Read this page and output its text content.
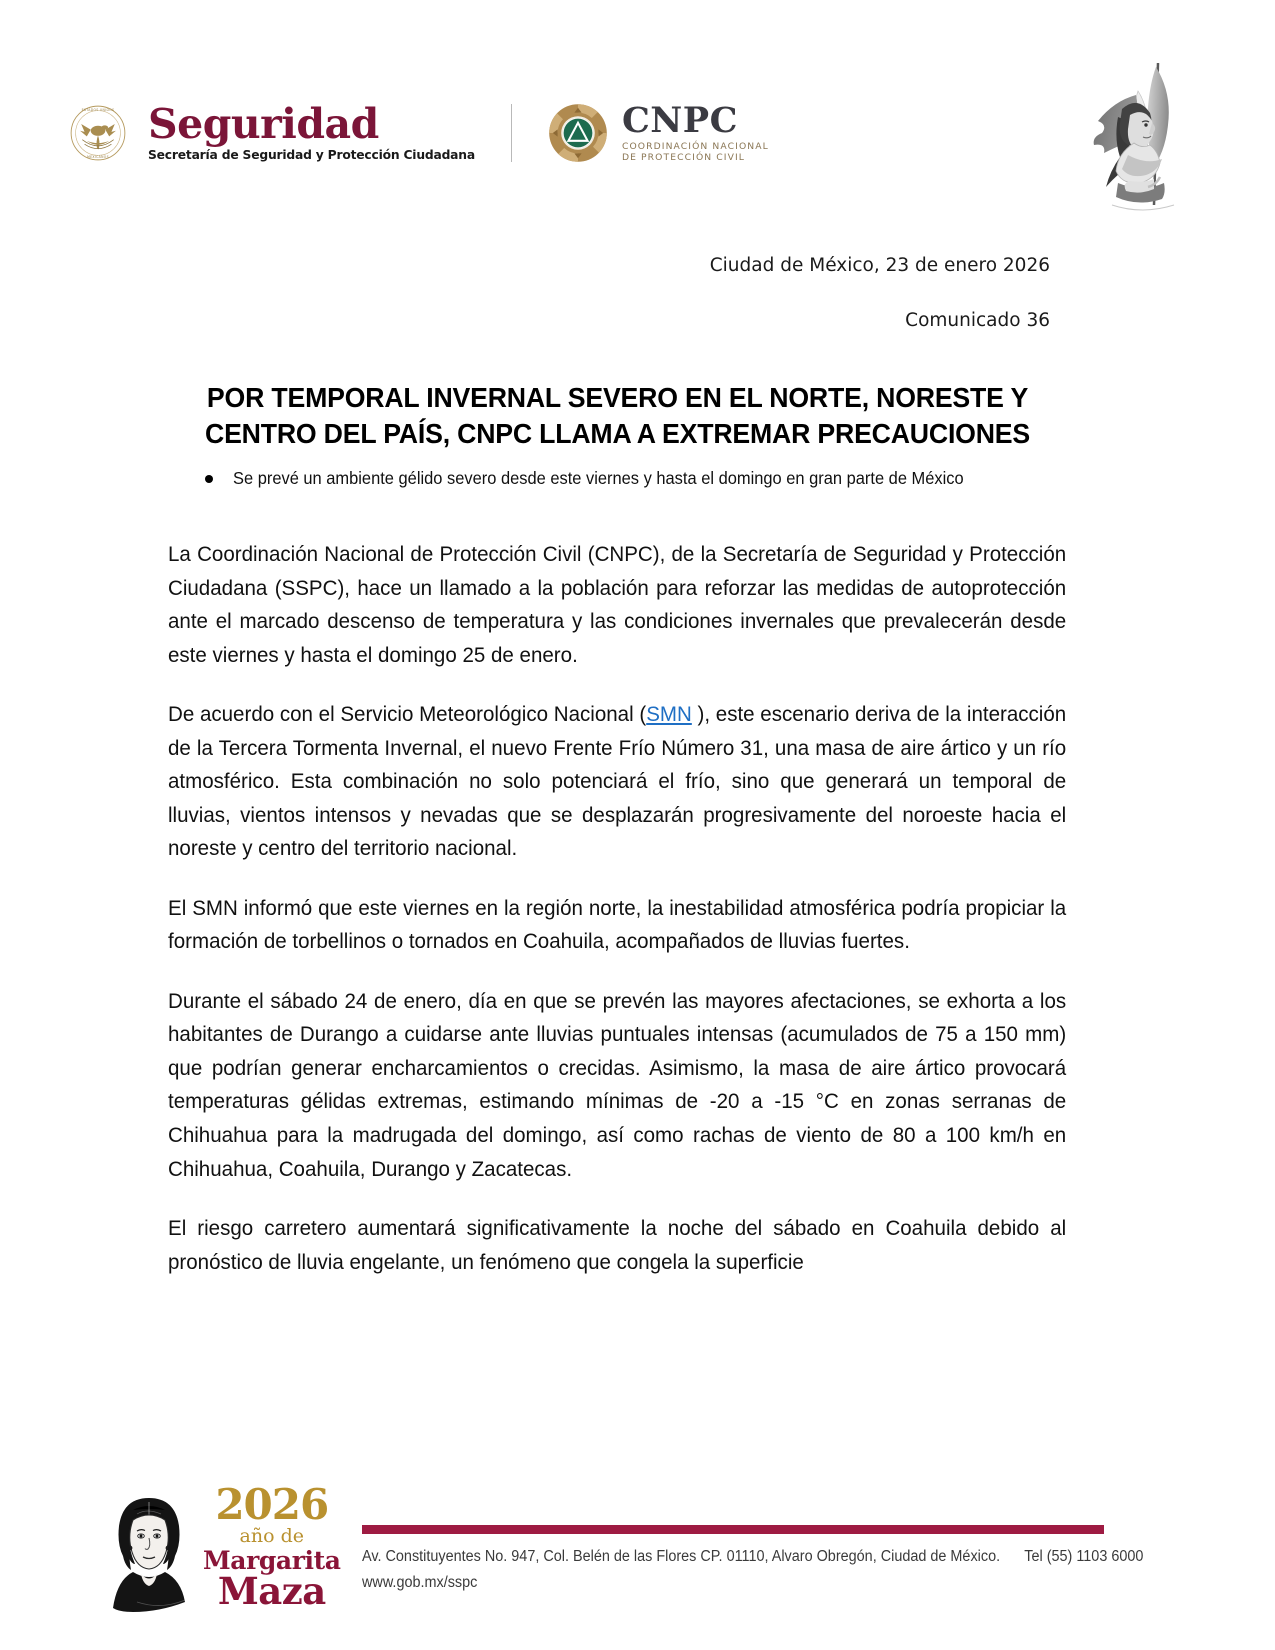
ESTADOS UNIDOS
MEXICANOS
Seguridad
Secretaría de Seguridad y Protección Ciudadana
CNPC
COORDINACIÓN NACIONAL
DE PROTECCIÓN CIVIL
Ciudad de México, 23 de enero 2026
Comunicado 36
POR TEMPORAL INVERNAL SEVERO EN EL NORTE, NORESTE Y CENTRO DEL PAÍS, CNPC LLAMA A EXTREMAR PRECAUCIONES
Se prevé un ambiente gélido severo desde este viernes y hasta el domingo en gran parte de México

La Coordinación Nacional de Protección Civil (CNPC), de la Secretaría de Seguridad y Protección Ciudadana (SSPC), hace un llamado a la población para reforzar las medidas de autoprotección ante el marcado descenso de temperatura y las condiciones invernales que prevalecerán desde este viernes y hasta el domingo 25 de enero.

De acuerdo con el Servicio Meteorológico Nacional (SMN ), este escenario deriva de la interacción de la Tercera Tormenta Invernal, el nuevo Frente Frío Número 31, una masa de aire ártico y un río atmosférico. Esta combinación no solo potenciará el frío, sino que generará un temporal de lluvias, vientos intensos y nevadas que se desplazarán progresivamente del noroeste hacia el noreste y centro del territorio nacional.

El SMN informó que este viernes en la región norte, la inestabilidad atmosférica podría propiciar la formación de torbellinos o tornados en Coahuila, acompañados de lluvias fuertes.

Durante el sábado 24 de enero, día en que se prevén las mayores afectaciones, se exhorta a los habitantes de Durango a cuidarse ante lluvias puntuales intensas (acumulados de 75 a 150 mm) que podrían generar encharcamientos o crecidas. Asimismo, la masa de aire ártico provocará temperaturas gélidas extremas, estimando mínimas de -20 a -15 °C en zonas serranas de Chihuahua para la madrugada del domingo, así como rachas de viento de 80 a 100 km/h en Chihuahua, Coahuila, Durango y Zacatecas.

El riesgo carretero aumentará significativamente la noche del sábado en Coahuila debido al pronóstico de lluvia engelante, un fenómeno que congela la superficie

2026
año de
Margarita
Maza
Av. Constituyentes No. 947, Col. Belén de las Flores CP. 01110, Alvaro Obregón, Ciudad de México. Tel (55) 1103 6000
www.gob.mx/sspc
